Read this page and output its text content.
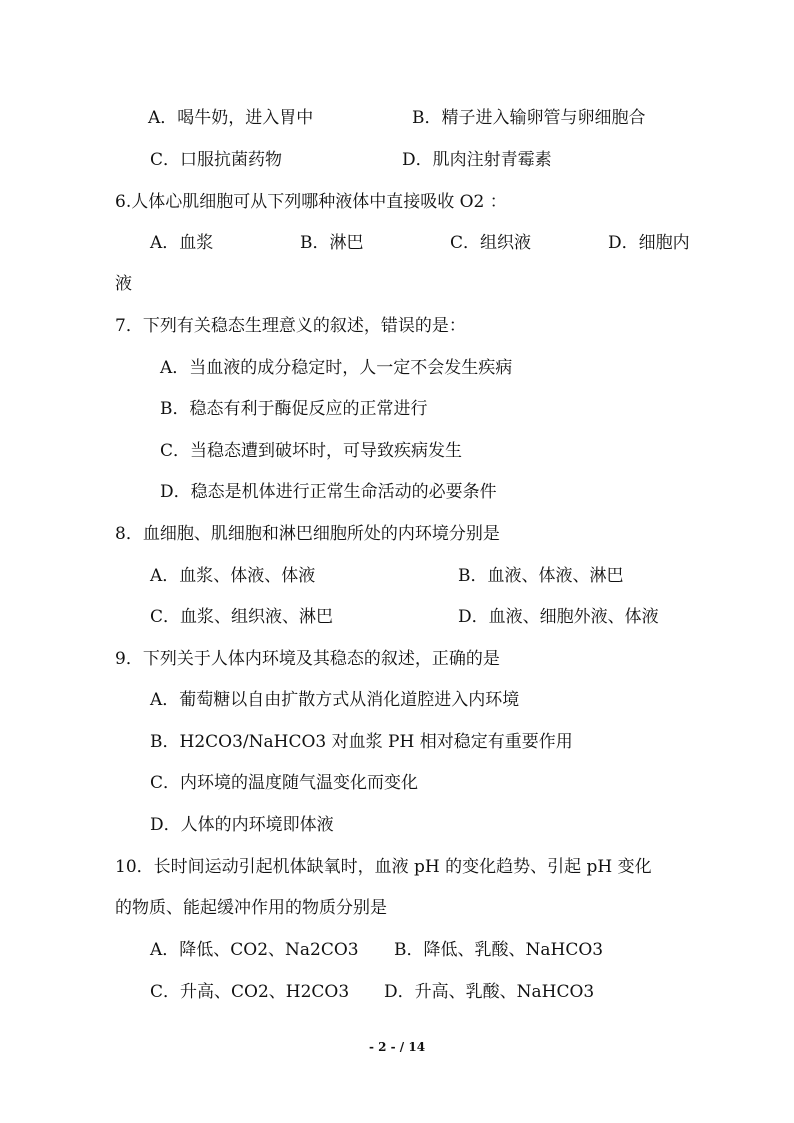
A．喝牛奶，进入胃中	B．精子进入输卵管与卵细胞合
C．口服抗菌药物	D．肌肉注射青霉素
6.人体心肌细胞可从下列哪种液体中直接吸收 O2 ：
A．血浆	B．淋巴	C．组织液	D．细胞内
液
7．下列有关稳态生理意义的叙述，错误的是：
A．当血液的成分稳定时，人一定不会发生疾病
B．稳态有利于酶促反应的正常进行
C．当稳态遭到破坏时，可导致疾病发生
D．稳态是机体进行正常生命活动的必要条件
8．血细胞、肌细胞和淋巴细胞所处的内环境分别是
A．血浆、体液、体液	B．血液、体液、淋巴
C．血浆、组织液、淋巴	D．血液、细胞外液、体液
9．下列关于人体内环境及其稳态的叙述，正确的是
A．葡萄糖以自由扩散方式从消化道腔进入内环境
B．H2CO3/NaHCO3 对血浆 PH 相对稳定有重要作用
C．内环境的温度随气温变化而变化
D．人体的内环境即体液
10．长时间运动引起机体缺氧时，血液 pH 的变化趋势、引起 pH 变化
的物质、能起缓冲作用的物质分别是
A．降低、CO2、Na2CO3 B．降低、乳酸、NaHCO3
C．升高、CO2、H2CO3 D．升高、乳酸、NaHCO3
- 2 - / 14
